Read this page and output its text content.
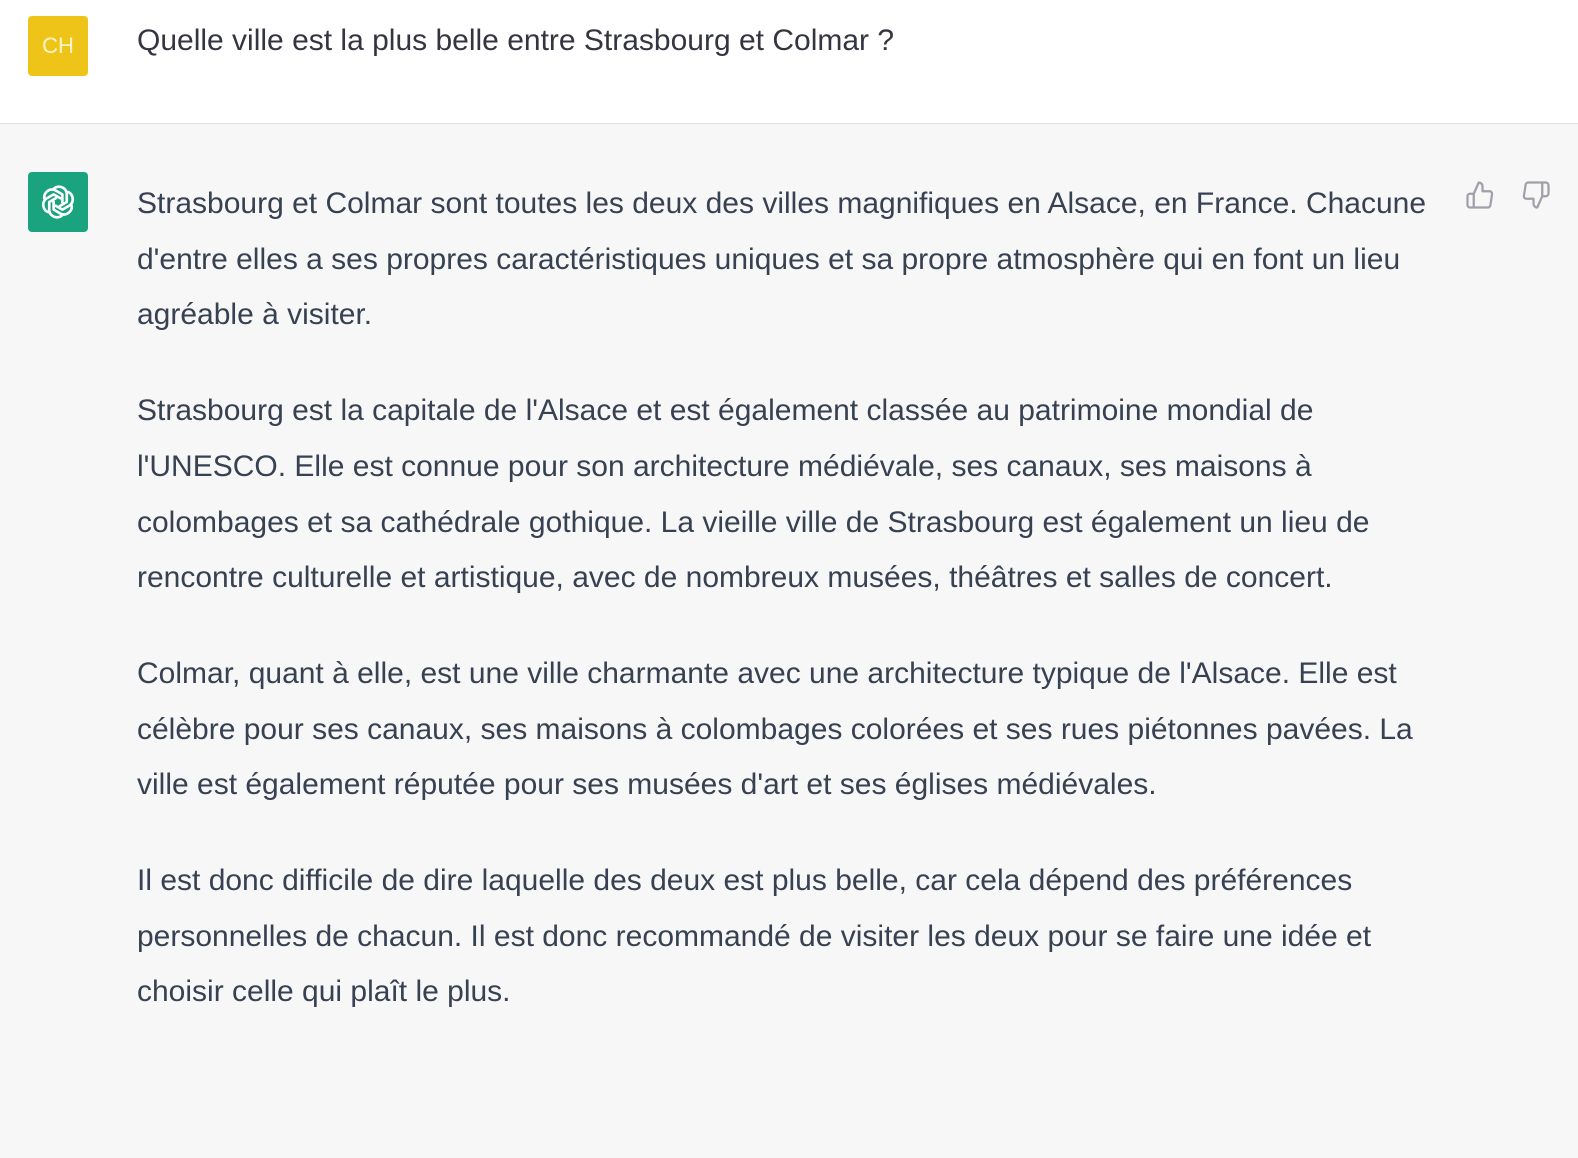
CH Quelle ville est la plus belle entre Strasbourg et Colmar ?

Strasbourg et Colmar sont toutes les deux des villes magnifiques en Alsace, en France. Chacune d'entre elles a ses propres caractéristiques uniques et sa propre atmosphère qui en font un lieu agréable à visiter.

Strasbourg est la capitale de l'Alsace et est également classée au patrimoine mondial de l'UNESCO. Elle est connue pour son architecture médiévale, ses canaux, ses maisons à colombages et sa cathédrale gothique. La vieille ville de Strasbourg est également un lieu de rencontre culturelle et artistique, avec de nombreux musées, théâtres et salles de concert.

Colmar, quant à elle, est une ville charmante avec une architecture typique de l'Alsace. Elle est célèbre pour ses canaux, ses maisons à colombages colorées et ses rues piétonnes pavées. La ville est également réputée pour ses musées d'art et ses églises médiévales.

Il est donc difficile de dire laquelle des deux est plus belle, car cela dépend des préférences personnelles de chacun. Il est donc recommandé de visiter les deux pour se faire une idée et choisir celle qui plaît le plus.
